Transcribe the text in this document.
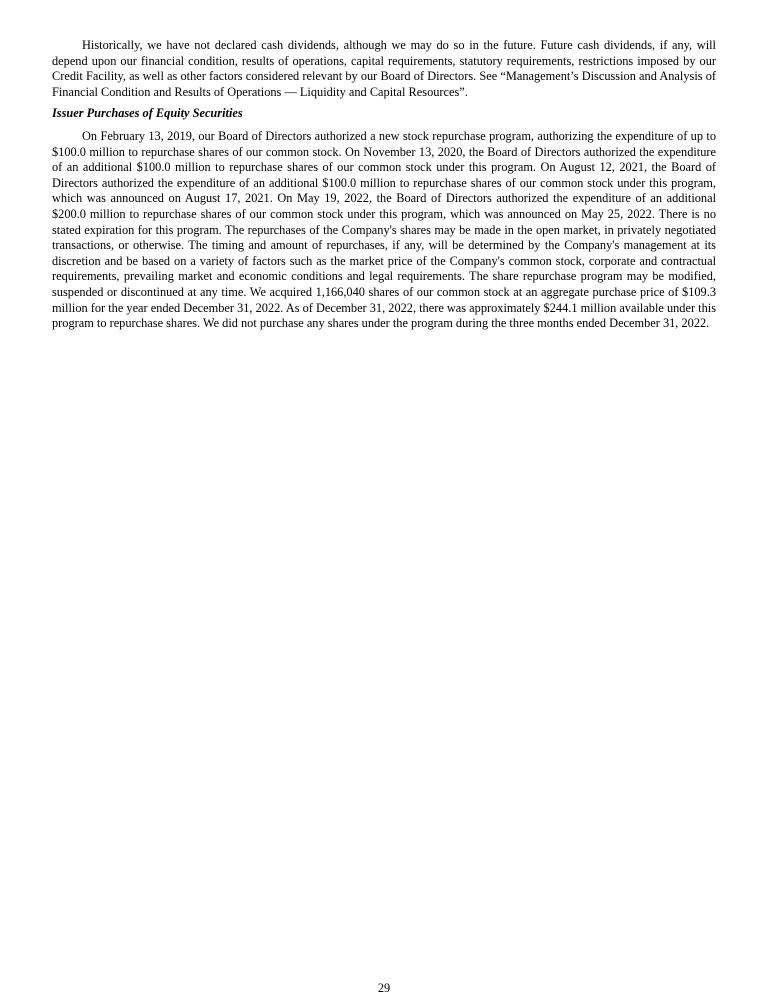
Historically, we have not declared cash dividends, although we may do so in the future. Future cash dividends, if any, will depend upon our financial condition, results of operations, capital requirements, statutory requirements, restrictions imposed by our Credit Facility, as well as other factors considered relevant by our Board of Directors. See “Management’s Discussion and Analysis of Financial Condition and Results of Operations — Liquidity and Capital Resources”.

Issuer Purchases of Equity Securities

On February 13, 2019, our Board of Directors authorized a new stock repurchase program, authorizing the expenditure of up to $100.0 million to repurchase shares of our common stock. On November 13, 2020, the Board of Directors authorized the expenditure of an additional $100.0 million to repurchase shares of our common stock under this program. On August 12, 2021, the Board of Directors authorized the expenditure of an additional $100.0 million to repurchase shares of our common stock under this program, which was announced on August 17, 2021. On May 19, 2022, the Board of Directors authorized the expenditure of an additional $200.0 million to repurchase shares of our common stock under this program, which was announced on May 25, 2022. There is no stated expiration for this program. The repurchases of the Company's shares may be made in the open market, in privately negotiated transactions, or otherwise. The timing and amount of repurchases, if any, will be determined by the Company's management at its discretion and be based on a variety of factors such as the market price of the Company's common stock, corporate and contractual requirements, prevailing market and economic conditions and legal requirements. The share repurchase program may be modified, suspended or discontinued at any time. We acquired 1,166,040 shares of our common stock at an aggregate purchase price of $109.3 million for the year ended December 31, 2022. As of December 31, 2022, there was approximately $244.1 million available under this program to repurchase shares. We did not purchase any shares under the program during the three months ended December 31, 2022.

29
